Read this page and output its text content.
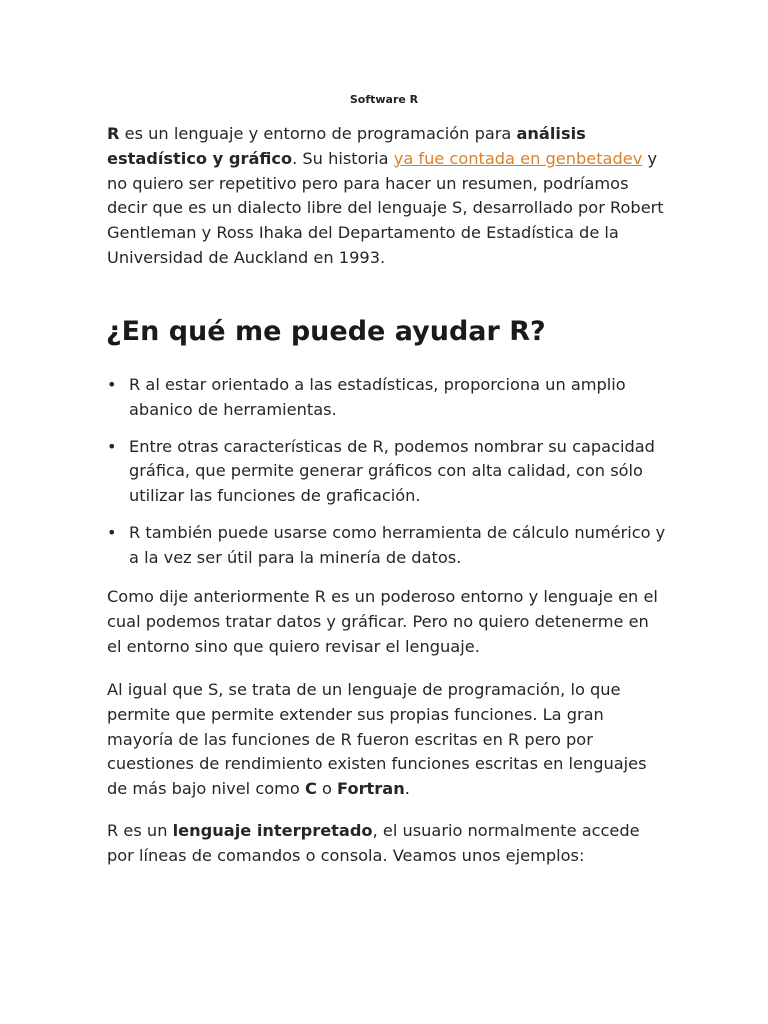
Software R
R es un lenguaje y entorno de programación para análisis estadístico y gráfico. Su historia ya fue contada en genbetadev y no quiero ser repetitivo pero para hacer un resumen, podríamos decir que es un dialecto libre del lenguaje S, desarrollado por Robert Gentleman y Ross Ihaka del Departamento de Estadística de la Universidad de Auckland en 1993.
¿En qué me puede ayudar R?
• R al estar orientado a las estadísticas, proporciona un amplio abanico de herramientas.
• Entre otras características de R, podemos nombrar su capacidad gráfica, que permite generar gráficos con alta calidad, con sólo utilizar las funciones de graficación.
• R también puede usarse como herramienta de cálculo numérico y a la vez ser útil para la minería de datos.
Como dije anteriormente R es un poderoso entorno y lenguaje en el cual podemos tratar datos y gráficar. Pero no quiero detenerme en el entorno sino que quiero revisar el lenguaje.
Al igual que S, se trata de un lenguaje de programación, lo que permite que permite extender sus propias funciones. La gran mayoría de las funciones de R fueron escritas en R pero por cuestiones de rendimiento existen funciones escritas en lenguajes de más bajo nivel como C o Fortran.
R es un lenguaje interpretado, el usuario normalmente accede por líneas de comandos o consola. Veamos unos ejemplos:
